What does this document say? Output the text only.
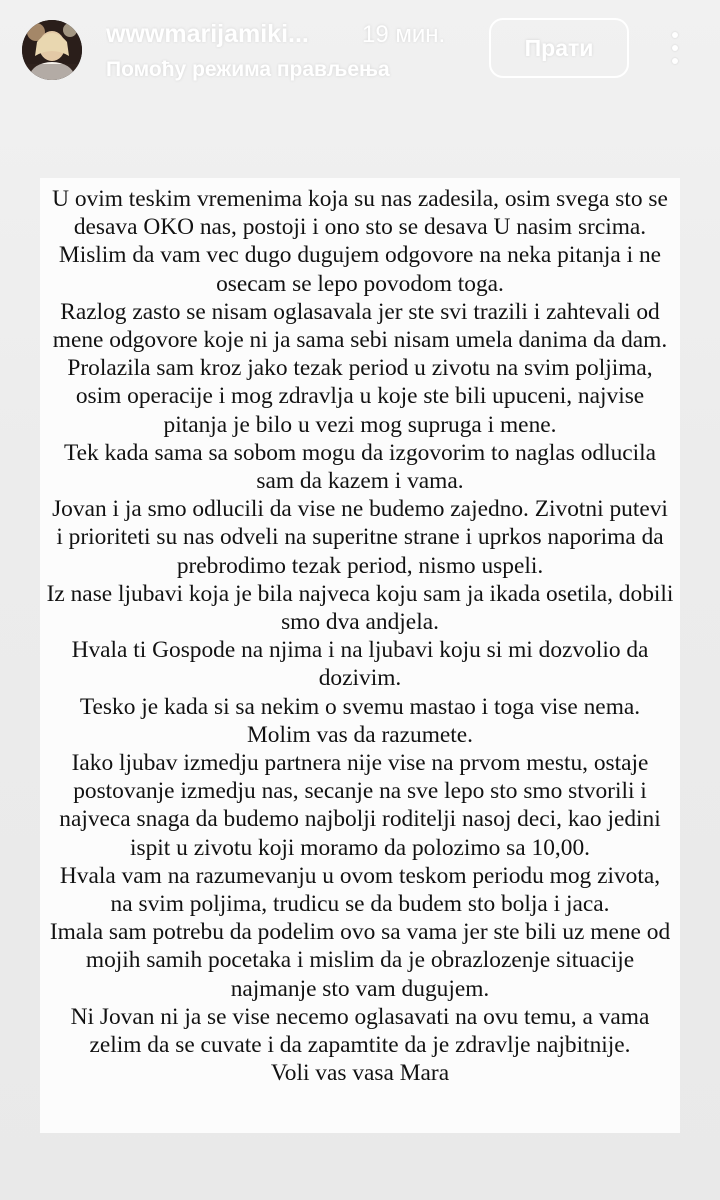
wwwmarijamiki...	19 мин.
Помоћу режима прављења
Прати

U ovim teskim vremenima koja su nas zadesila, osim svega sto se desava OKO nas, postoji i ono sto se desava U nasim srcima. Mislim da vam vec dugo dugujem odgovore na neka pitanja i ne osecam se lepo povodom toga.
Razlog zasto se nisam oglasavala jer ste svi trazili i zahtevali od mene odgovore koje ni ja sama sebi nisam umela danima da dam.
Prolazila sam kroz jako tezak period u zivotu na svim poljima, osim operacije i mog zdravlja u koje ste bili upuceni, najvise pitanja je bilo u vezi mog supruga i mene.
Tek kada sama sa sobom mogu da izgovorim to naglas odlucila sam da kazem i vama.
Jovan i ja smo odlucili da vise ne budemo zajedno. Zivotni putevi i prioriteti su nas odveli na superitne strane i uprkos naporima da prebrodimo tezak period, nismo uspeli.
Iz nase ljubavi koja je bila najveca koju sam ja ikada osetila, dobili smo dva andjela.
Hvala ti Gospode na njima i na ljubavi koju si mi dozvolio da dozivim.
Tesko je kada si sa nekim o svemu mastao i toga vise nema. Molim vas da razumete.
Iako ljubav izmedju partnera nije vise na prvom mestu, ostaje postovanje izmedju nas, secanje na sve lepo sto smo stvorili i najveca snaga da budemo najbolji roditelji nasoj deci, kao jedini ispit u zivotu koji moramo da polozimo sa 10,00.
Hvala vam na razumevanju u ovom teskom periodu mog zivota, na svim poljima, trudicu se da budem sto bolja i jaca.
Imala sam potrebu da podelim ovo sa vama jer ste bili uz mene od mojih samih pocetaka i mislim da je obrazlozenje situacije najmanje sto vam dugujem.
Ni Jovan ni ja se vise necemo oglasavati na ovu temu, a vama zelim da se cuvate i da zapamtite da je zdravlje najbitnije.
Voli vas vasa Mara
